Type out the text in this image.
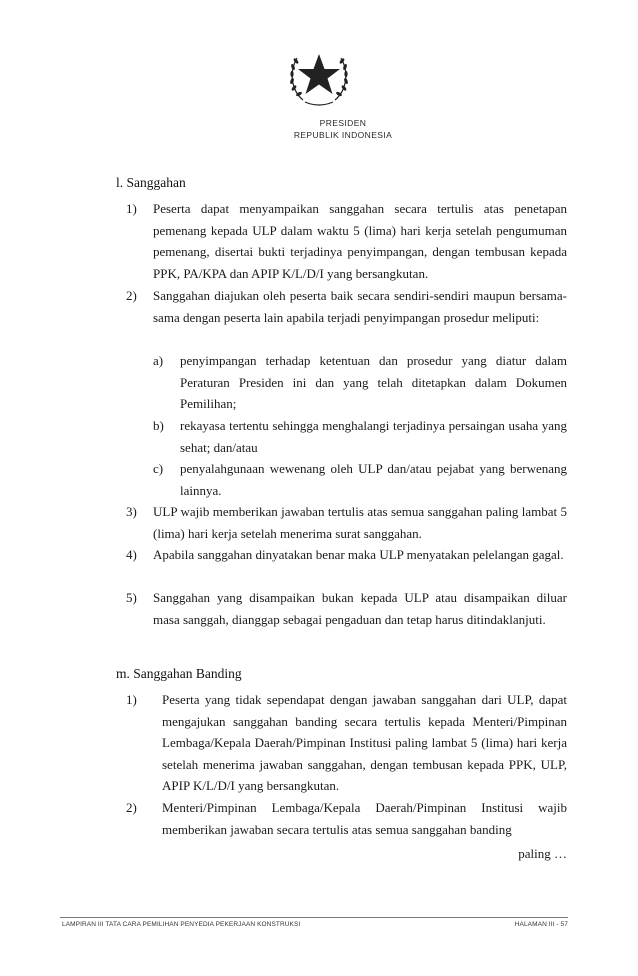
PRESIDEN
REPUBLIK INDONESIA
l. Sanggahan
1) Peserta dapat menyampaikan sanggahan secara tertulis atas penetapan pemenang kepada ULP dalam waktu 5 (lima) hari kerja setelah pengumuman pemenang, disertai bukti terjadinya penyimpangan, dengan tembusan kepada PPK, PA/KPA dan APIP K/L/D/I yang bersangkutan.
2) Sanggahan diajukan oleh peserta baik secara sendiri-sendiri maupun bersama-sama dengan peserta lain apabila terjadi penyimpangan prosedur meliputi:
a) penyimpangan terhadap ketentuan dan prosedur yang diatur dalam Peraturan Presiden ini dan yang telah ditetapkan dalam Dokumen Pemilihan;
b) rekayasa tertentu sehingga menghalangi terjadinya persaingan usaha yang sehat; dan/atau
c) penyalahgunaan wewenang oleh ULP dan/atau pejabat yang berwenang lainnya.
3) ULP wajib memberikan jawaban tertulis atas semua sanggahan paling lambat 5 (lima) hari kerja setelah menerima surat sanggahan.
4) Apabila sanggahan dinyatakan benar maka ULP menyatakan pelelangan gagal.
5) Sanggahan yang disampaikan bukan kepada ULP atau disampaikan diluar masa sanggah, dianggap sebagai pengaduan dan tetap harus ditindaklanjuti.
m. Sanggahan Banding
1) Peserta yang tidak sependapat dengan jawaban sanggahan dari ULP, dapat mengajukan sanggahan banding secara tertulis kepada Menteri/Pimpinan Lembaga/Kepala Daerah/Pimpinan Institusi paling lambat 5 (lima) hari kerja setelah menerima jawaban sanggahan, dengan tembusan kepada PPK, ULP, APIP K/L/D/I yang bersangkutan.
2) Menteri/Pimpinan Lembaga/Kepala Daerah/Pimpinan Institusi wajib memberikan jawaban secara tertulis atas semua sanggahan banding
paling …
LAMPIRAN III TATA CARA PEMILIHAN PENYEDIA PEKERJAAN KONSTRUKSI	HALAMAN III - 57
